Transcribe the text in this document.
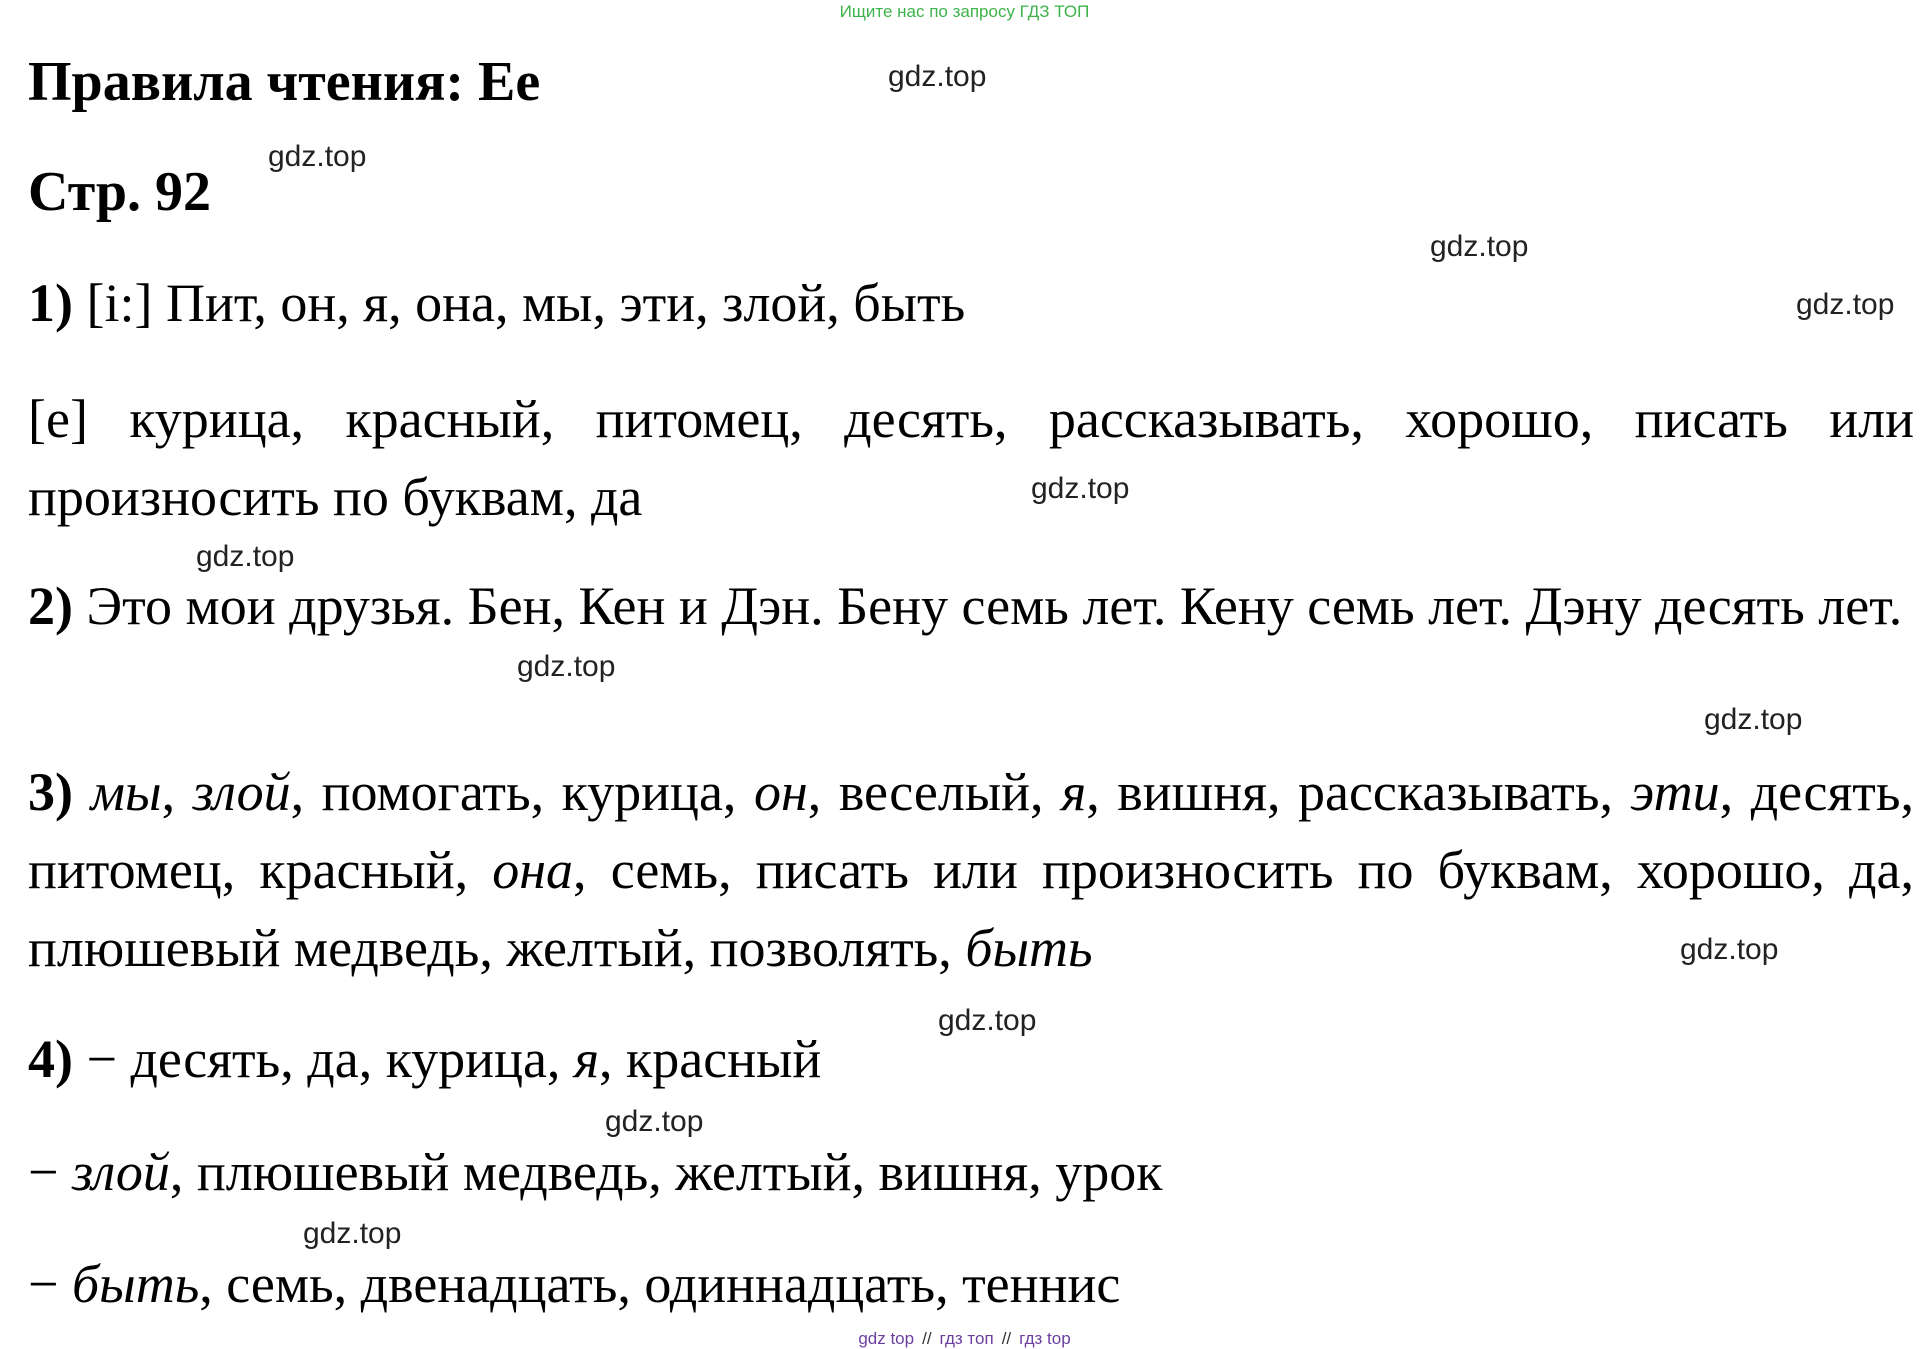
Ищите нас по запросу ГДЗ ТОП
Правила чтения: Ee
Стр. 92
gdz.top
gdz.top
gdz.top
gdz.top
gdz.top
gdz.top
gdz.top
gdz.top
gdz.top
gdz.top
gdz.top
gdz.top
1) [i:] Пит, он, я, она, мы, эти, злой, быть
[e] курица, красный, питомец, десять, рассказывать, хорошо, писать или произносить по буквам, да
2) Это мои друзья. Бен, Кен и Дэн. Бену семь лет. Кену семь лет. Дэну десять лет.
3) мы, злой, помогать, курица, он, веселый, я, вишня, рассказывать, эти, десять, питомец, красный, она, семь, писать или произносить по буквам, хорошо, да, плюшевый медведь, желтый, позволять, быть
4) − десять, да, курица, я, красный
− злой, плюшевый медведь, желтый, вишня, урок
− быть, семь, двенадцать, одиннадцать, теннис
gdz top // гдз топ // гдз top
